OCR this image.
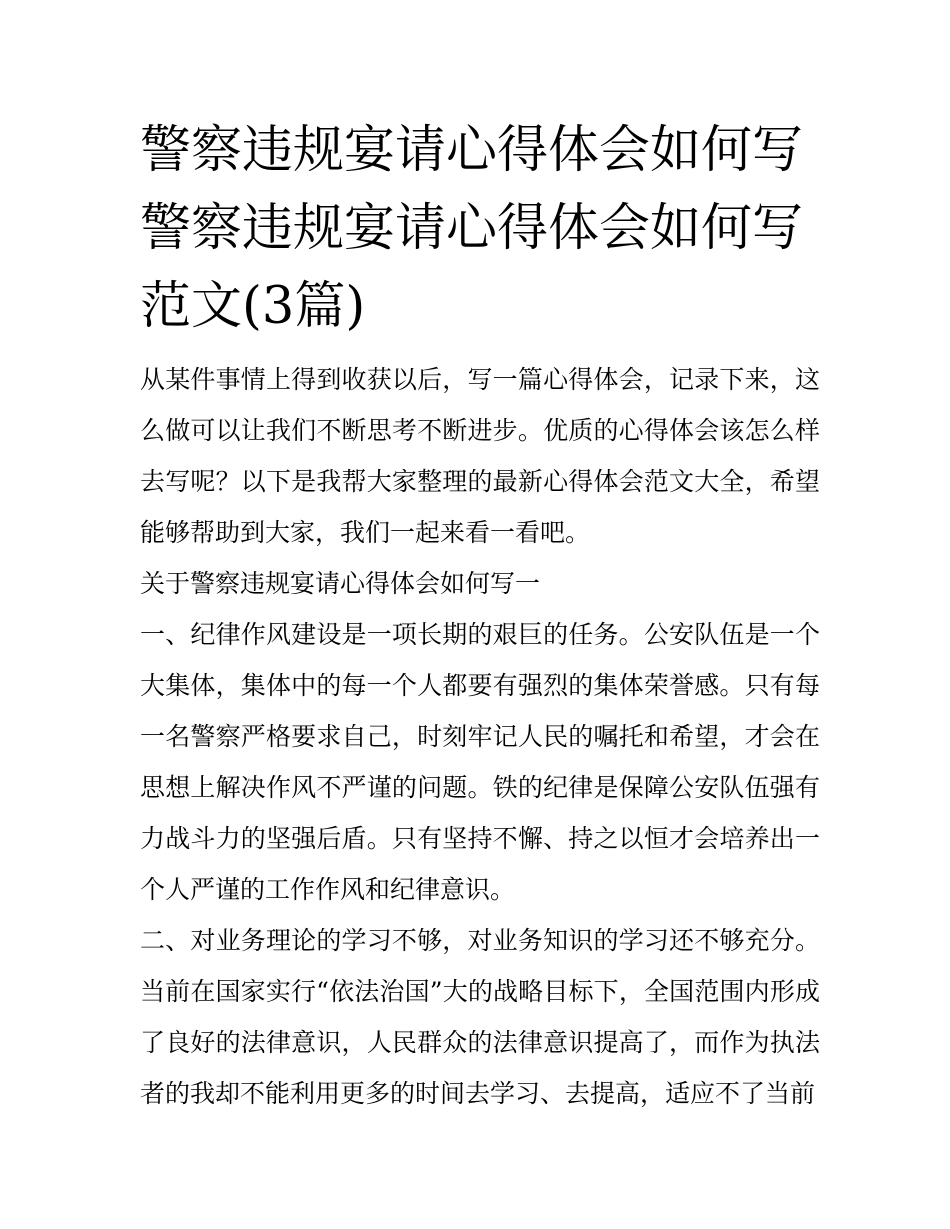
警察违规宴请心得体会如何写 警察违规宴请心得体会如何写范文(3篇)

从某件事情上得到收获以后，写一篇心得体会，记录下来，这么做可以让我们不断思考不断进步。优质的心得体会该怎么样去写呢？以下是我帮大家整理的最新心得体会范文大全，希望能够帮助到大家，我们一起来看一看吧。

关于警察违规宴请心得体会如何写一

一、纪律作风建设是一项长期的艰巨的任务。公安队伍是一个大集体，集体中的每一个人都要有强烈的集体荣誉感。只有每一名警察严格要求自己，时刻牢记人民的嘱托和希望，才会在思想上解决作风不严谨的问题。铁的纪律是保障公安队伍强有力战斗力的坚强后盾。只有坚持不懈、持之以恒才会培养出一个人严谨的工作作风和纪律意识。

二、对业务理论的学习不够，对业务知识的学习还不够充分。当前在国家实行“依法治国”大的战略目标下，全国范围内形成了良好的法律意识，人民群众的法律意识提高了，而作为执法者的我却不能利用更多的时间去学习、去提高，适应不了当前
